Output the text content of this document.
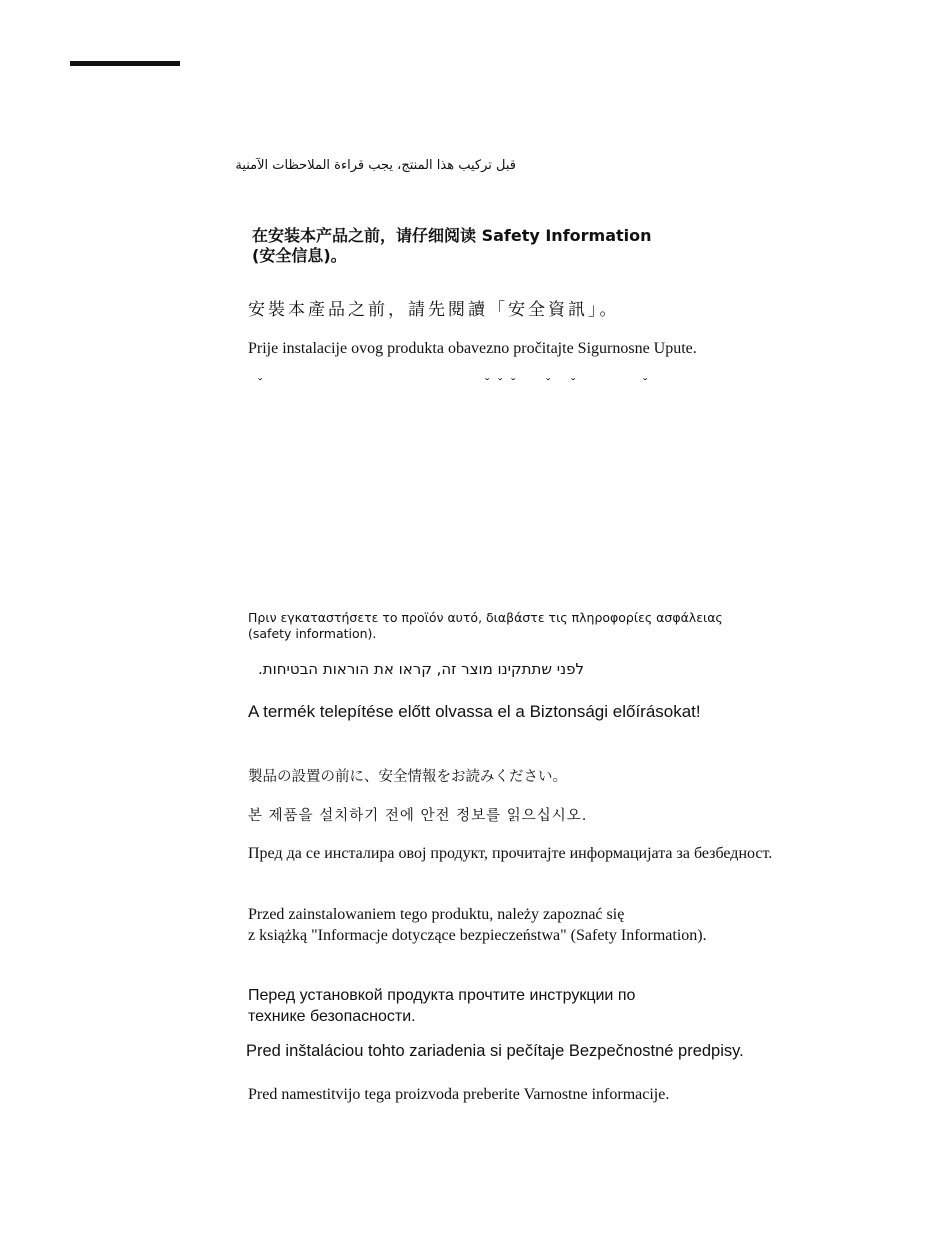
قبل تركيب هذا المنتج، يجب قراءة الملاحظات الآمنية
在安装本产品之前，请仔细阅读 Safety Information
(安全信息)。
安裝本產品之前，請先閱讀「安全資訊」。
Prije instalacije ovog produkta obavezno pročitajte Sigurnosne Upute.
ˇ	ˇ ˇ ˇ ˇ ˇ	ˇ
Πριν εγκαταστήσετε το προϊόν αυτό, διαβάστε τις πληροφορίες ασφάλειας
(safety information).
לפני שתתקינו מוצר זה, קראו את הוראות הבטיחות.
A termék telepítése előtt olvassa el a Biztonsági előírásokat!
製品の設置の前に、安全情報をお読みください。
본 제품을 설치하기 전에 안전 정보를 읽으십시오.
Пред да се инсталира овој продукт, прочитајте информацијата за безбедност.
Przed zainstalowaniem tego produktu, należy zapoznać się
z książką "Informacje dotyczące bezpieczeństwa" (Safety Information).
Перед установкой продукта прочтите инструкции по
технике безопасности.
Pred inštaláciou tohto zariadenia si pečítaje Bezpečnostné predpisy.
Pred namestitvijo tega proizvoda preberite Varnostne informacije.
